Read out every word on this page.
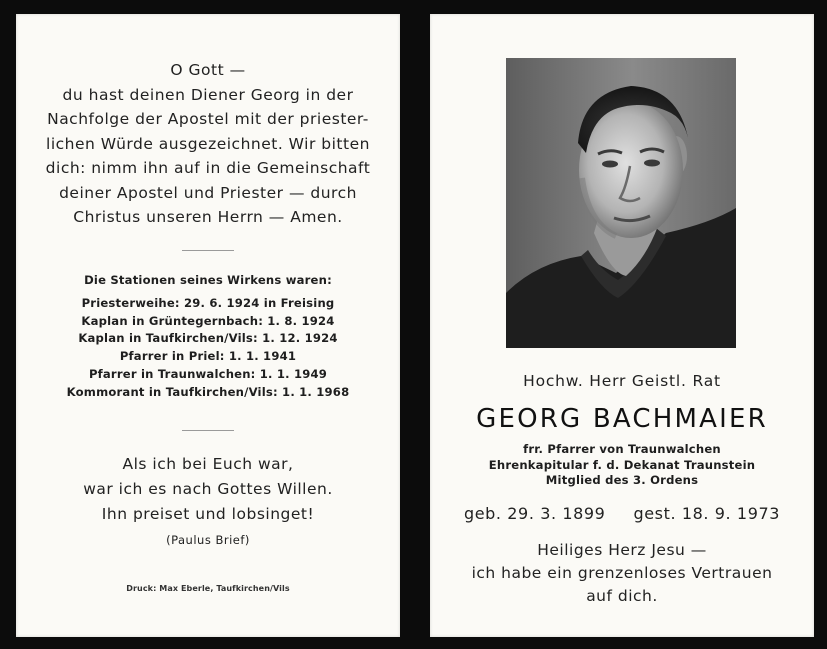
O Gott —
du hast deinen Diener Georg in der
Nachfolge der Apostel mit der priester-
lichen Würde ausgezeichnet. Wir bitten
dich: nimm ihn auf in die Gemeinschaft
deiner Apostel und Priester — durch
Christus unseren Herrn — Amen.
Die Stationen seines Wirkens waren:
Priesterweihe: 29. 6. 1924 in Freising
Kaplan in Grüntegernbach: 1. 8. 1924
Kaplan in Taufkirchen/Vils: 1. 12. 1924
Pfarrer in Priel: 1. 1. 1941
Pfarrer in Traunwalchen: 1. 1. 1949
Kommorant in Taufkirchen/Vils: 1. 1. 1968
Als ich bei Euch war,
war ich es nach Gottes Willen.
Ihn preiset und lobsinget!
(Paulus Brief)
Druck: Max Eberle, Taufkirchen/Vils
Hochw. Herr Geistl. Rat
GEORG BACHMAIER
frr. Pfarrer von Traunwalchen
Ehrenkapitular f. d. Dekanat Traunstein
Mitglied des 3. Ordens
geb. 29. 3. 1899 gest. 18. 9. 1973
Heiliges Herz Jesu —
ich habe ein grenzenloses Vertrauen
auf dich.
